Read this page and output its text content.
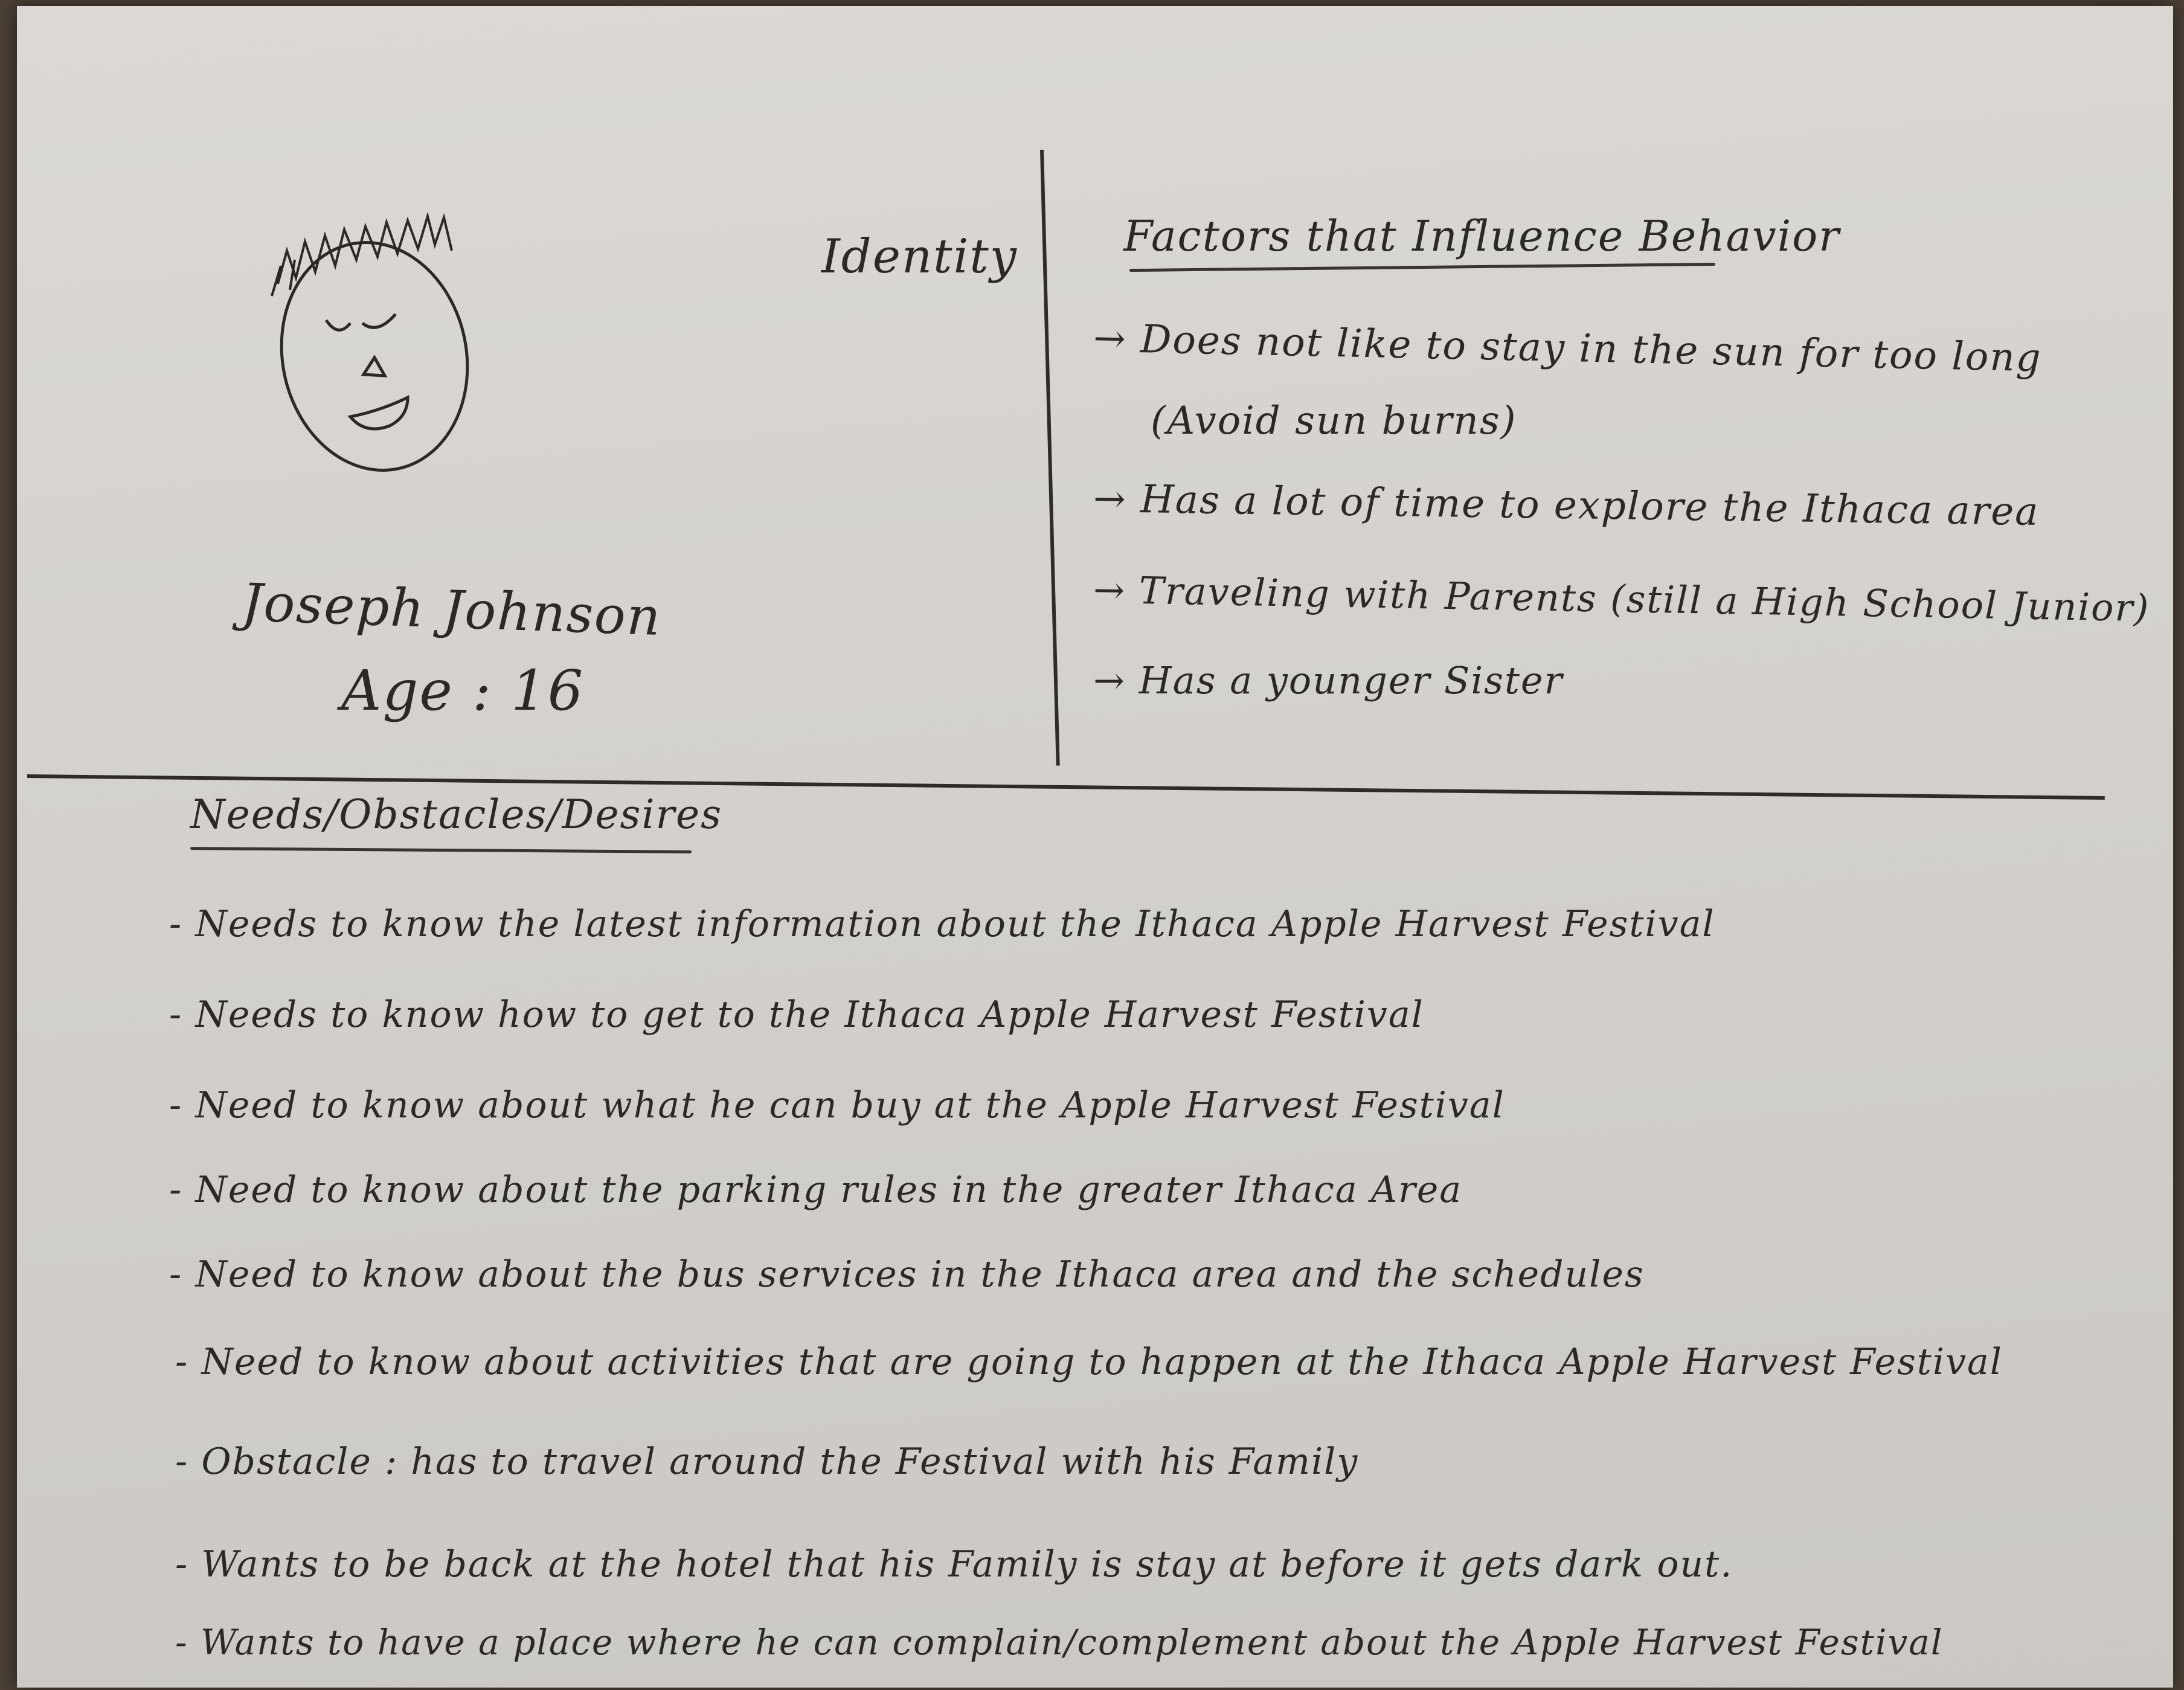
Identity
Joseph Johnson
Age : 16
Factors that Influence Behavior
→ Does not like to stay in the sun for too long
(Avoid sun burns)
→ Has a lot of time to explore the Ithaca area
→ Traveling with Parents (still a High School Junior)
→ Has a younger Sister
Needs/Obstacles/Desires
- Needs to know the latest information about the Ithaca Apple Harvest Festival
- Needs to know how to get to the Ithaca Apple Harvest Festival
- Need to know about what he can buy at the Apple Harvest Festival
- Need to know about the parking rules in the greater Ithaca Area
- Need to know about the bus services in the Ithaca area and the schedules
- Need to know about activities that are going to happen at the Ithaca Apple Harvest Festival
- Obstacle : has to travel around the Festival with his Family
- Wants to be back at the hotel that his Family is stay at before it gets dark out.
- Wants to have a place where he can complain/complement about the Apple Harvest Festival
